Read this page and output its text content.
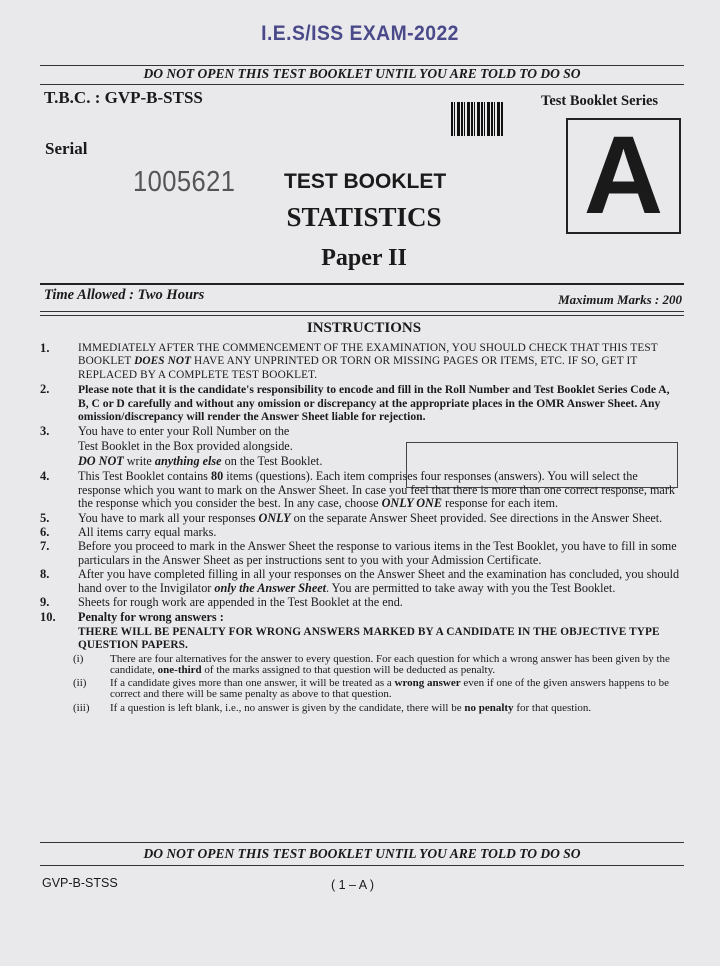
I.E.S/ISS EXAM-2022
DO NOT OPEN THIS TEST BOOKLET UNTIL YOU ARE TOLD TO DO SO
T.B.C. : GVP-B-STSS	Test Booklet Series
A
Serial
1005621 TEST BOOKLET
STATISTICS
Paper II
Time Allowed : Two Hours	Maximum Marks : 200
INSTRUCTIONS
1.	IMMEDIATELY AFTER THE COMMENCEMENT OF THE EXAMINATION, YOU SHOULD CHECK THAT THIS TEST BOOKLET DOES NOT HAVE ANY UNPRINTED OR TORN OR MISSING PAGES OR ITEMS, ETC. IF SO, GET IT REPLACED BY A COMPLETE TEST BOOKLET.
2. Please note that it is the candidate's responsibility to encode and fill in the Roll Number and Test Booklet Series Code A, B, C or D carefully and without any omission or discrepancy at the appropriate places in the OMR Answer Sheet. Any omission/discrepancy will render the Answer Sheet liable for rejection.
3. You have to enter your Roll Number on the
Test Booklet in the Box provided alongside.
DO NOT write anything else on the Test Booklet.
4. This Test Booklet contains 80 items (questions). Each item comprises four responses (answers). You will select the response which you want to mark on the Answer Sheet. In case you feel that there is more than one correct response, mark the response which you consider the best. In any case, choose ONLY ONE response for each item.
5. You have to mark all your responses ONLY on the separate Answer Sheet provided. See directions in the Answer Sheet.
6. All items carry equal marks.
7. Before you proceed to mark in the Answer Sheet the response to various items in the Test Booklet, you have to fill in some particulars in the Answer Sheet as per instructions sent to you with your Admission Certificate.
8. After you have completed filling in all your responses on the Answer Sheet and the examination has concluded, you should hand over to the Invigilator only the Answer Sheet. You are permitted to take away with you the Test Booklet.
9. Sheets for rough work are appended in the Test Booklet at the end.
10. Penalty for wrong answers :
THERE WILL BE PENALTY FOR WRONG ANSWERS MARKED BY A CANDIDATE IN THE OBJECTIVE TYPE QUESTION PAPERS.
(i) There are four alternatives for the answer to every question. For each question for which a wrong answer has been given by the candidate, one-third of the marks assigned to that question will be deducted as penalty.
(ii) If a candidate gives more than one answer, it will be treated as a wrong answer even if one of the given answers happens to be correct and there will be same penalty as above to that question.
(iii) If a question is left blank, i.e., no answer is given by the candidate, there will be no penalty for that question.
DO NOT OPEN THIS TEST BOOKLET UNTIL YOU ARE TOLD TO DO SO
GVP-B-STSS	( 1 – A )
